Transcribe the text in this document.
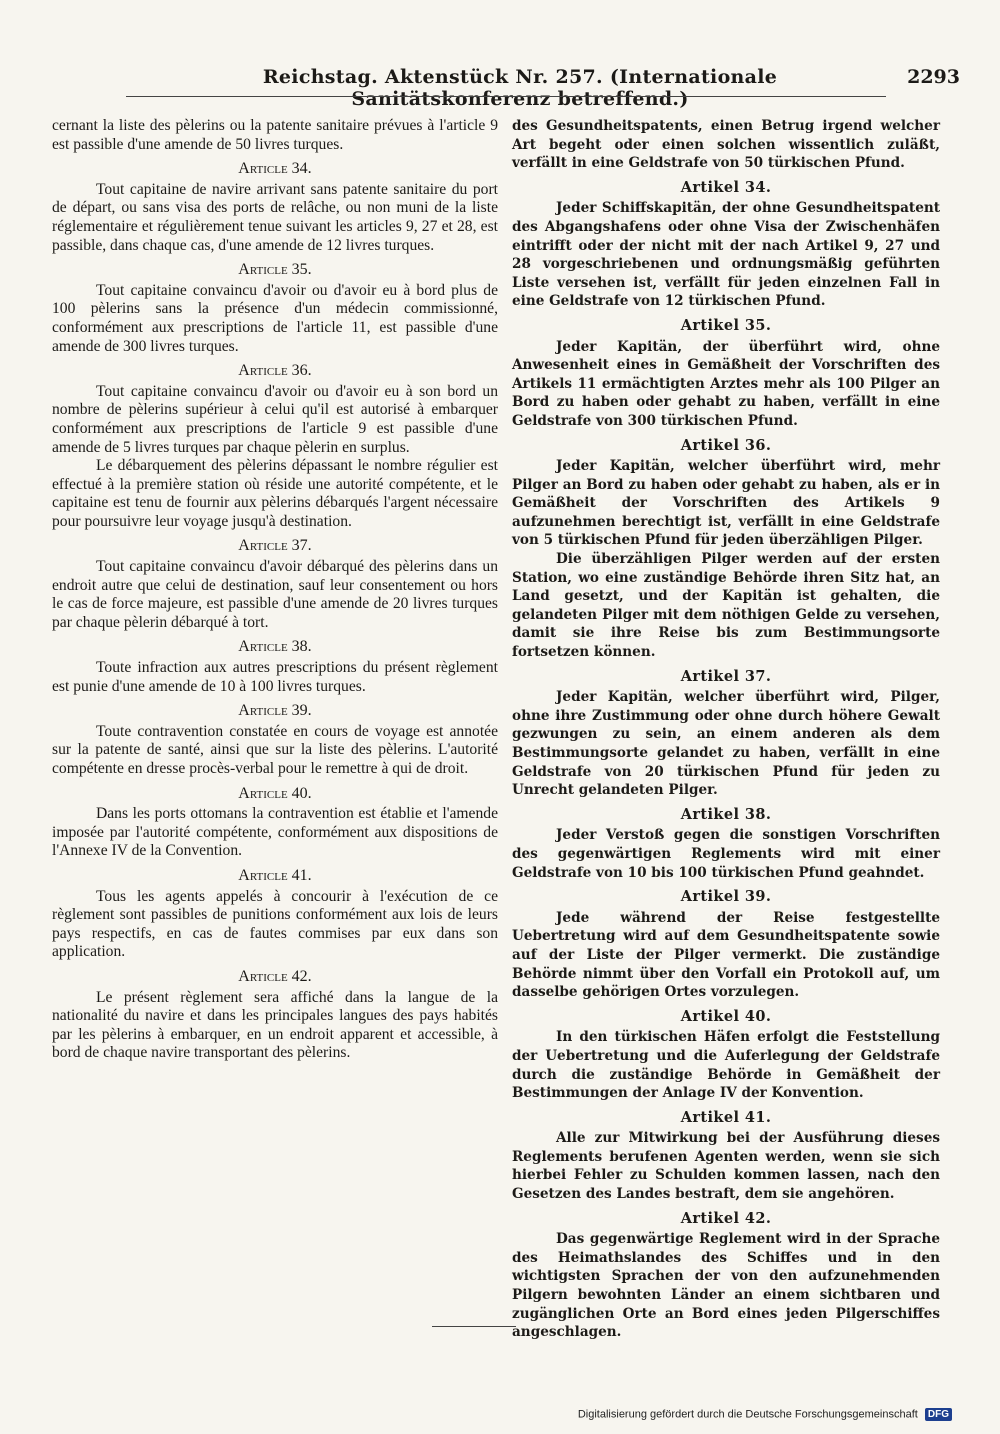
Reichstag. Aktenstück Nr. 257. (Internationale Sanitätskonferenz betreffend.)
2293

cernant la liste des pèlerins ou la patente sanitaire prévues à l'article 9 est passible d'une amende de 50 livres turques.

Article 34.

Tout capitaine de navire arrivant sans patente sanitaire du port de départ, ou sans visa des ports de relâche, ou non muni de la liste réglementaire et régulièrement tenue suivant les articles 9, 27 et 28, est passible, dans chaque cas, d'une amende de 12 livres turques.

Article 35.

Tout capitaine convaincu d'avoir ou d'avoir eu à bord plus de 100 pèlerins sans la présence d'un médecin commissionné, conformément aux prescriptions de l'article 11, est passible d'une amende de 300 livres turques.

Article 36.

Tout capitaine convaincu d'avoir ou d'avoir eu à son bord un nombre de pèlerins supérieur à celui qu'il est autorisé à embarquer conformément aux prescriptions de l'article 9 est passible d'une amende de 5 livres turques par chaque pèlerin en surplus.

Le débarquement des pèlerins dépassant le nombre régulier est effectué à la première station où réside une autorité compétente, et le capitaine est tenu de fournir aux pèlerins débarqués l'argent nécessaire pour poursuivre leur voyage jusqu'à destination.

Article 37.

Tout capitaine convaincu d'avoir débarqué des pèlerins dans un endroit autre que celui de destination, sauf leur consentement ou hors le cas de force majeure, est passible d'une amende de 20 livres turques par chaque pèlerin débarqué à tort.

Article 38.

Toute infraction aux autres prescriptions du présent règlement est punie d'une amende de 10 à 100 livres turques.

Article 39.

Toute contravention constatée en cours de voyage est annotée sur la patente de santé, ainsi que sur la liste des pèlerins. L'autorité compétente en dresse procès-verbal pour le remettre à qui de droit.

Article 40.

Dans les ports ottomans la contravention est établie et l'amende imposée par l'autorité compétente, conformément aux dispositions de l'Annexe IV de la Convention.

Article 41.

Tous les agents appelés à concourir à l'exécution de ce règlement sont passibles de punitions conformément aux lois de leurs pays respectifs, en cas de fautes commises par eux dans son application.

Article 42.

Le présent règlement sera affiché dans la langue de la nationalité du navire et dans les principales langues des pays habités par les pèlerins à embarquer, en un endroit apparent et accessible, à bord de chaque navire transportant des pèlerins.

des Gesundheitspatents, einen Betrug irgend welcher Art begeht oder einen solchen wissentlich zuläßt, verfällt in eine Geldstrafe von 50 türkischen Pfund.

Artikel 34.

Jeder Schiffskapitän, der ohne Gesundheitspatent des Abgangshafens oder ohne Visa der Zwischenhäfen eintrifft oder der nicht mit der nach Artikel 9, 27 und 28 vorgeschriebenen und ordnungsmäßig geführten Liste versehen ist, verfällt für jeden einzelnen Fall in eine Geldstrafe von 12 türkischen Pfund.

Artikel 35.

Jeder Kapitän, der überführt wird, ohne Anwesenheit eines in Gemäßheit der Vorschriften des Artikels 11 ermächtigten Arztes mehr als 100 Pilger an Bord zu haben oder gehabt zu haben, verfällt in eine Geldstrafe von 300 türkischen Pfund.

Artikel 36.

Jeder Kapitän, welcher überführt wird, mehr Pilger an Bord zu haben oder gehabt zu haben, als er in Gemäßheit der Vorschriften des Artikels 9 aufzunehmen berechtigt ist, verfällt in eine Geldstrafe von 5 türkischen Pfund für jeden überzähligen Pilger.

Die überzähligen Pilger werden auf der ersten Station, wo eine zuständige Behörde ihren Sitz hat, an Land gesetzt, und der Kapitän ist gehalten, die gelandeten Pilger mit dem nöthigen Gelde zu versehen, damit sie ihre Reise bis zum Bestimmungsorte fortsetzen können.

Artikel 37.

Jeder Kapitän, welcher überführt wird, Pilger, ohne ihre Zustimmung oder ohne durch höhere Gewalt gezwungen zu sein, an einem anderen als dem Bestimmungsorte gelandet zu haben, verfällt in eine Geldstrafe von 20 türkischen Pfund für jeden zu Unrecht gelandeten Pilger.

Artikel 38.

Jeder Verstoß gegen die sonstigen Vorschriften des gegenwärtigen Reglements wird mit einer Geldstrafe von 10 bis 100 türkischen Pfund geahndet.

Artikel 39.

Jede während der Reise festgestellte Uebertretung wird auf dem Gesundheitspatente sowie auf der Liste der Pilger vermerkt. Die zuständige Behörde nimmt über den Vorfall ein Protokoll auf, um dasselbe gehörigen Ortes vorzulegen.

Artikel 40.

In den türkischen Häfen erfolgt die Feststellung der Uebertretung und die Auferlegung der Geldstrafe durch die zuständige Behörde in Gemäßheit der Bestimmungen der Anlage IV der Konvention.

Artikel 41.

Alle zur Mitwirkung bei der Ausführung dieses Reglements berufenen Agenten werden, wenn sie sich hierbei Fehler zu Schulden kommen lassen, nach den Gesetzen des Landes bestraft, dem sie angehören.

Artikel 42.

Das gegenwärtige Reglement wird in der Sprache des Heimathslandes des Schiffes und in den wichtigsten Sprachen der von den aufzunehmenden Pilgern bewohnten Länder an einem sichtbaren und zugänglichen Orte an Bord eines jeden Pilgerschiffes angeschlagen.

Digitalisierung gefördert durch die Deutsche Forschungsgemeinschaft DFG
